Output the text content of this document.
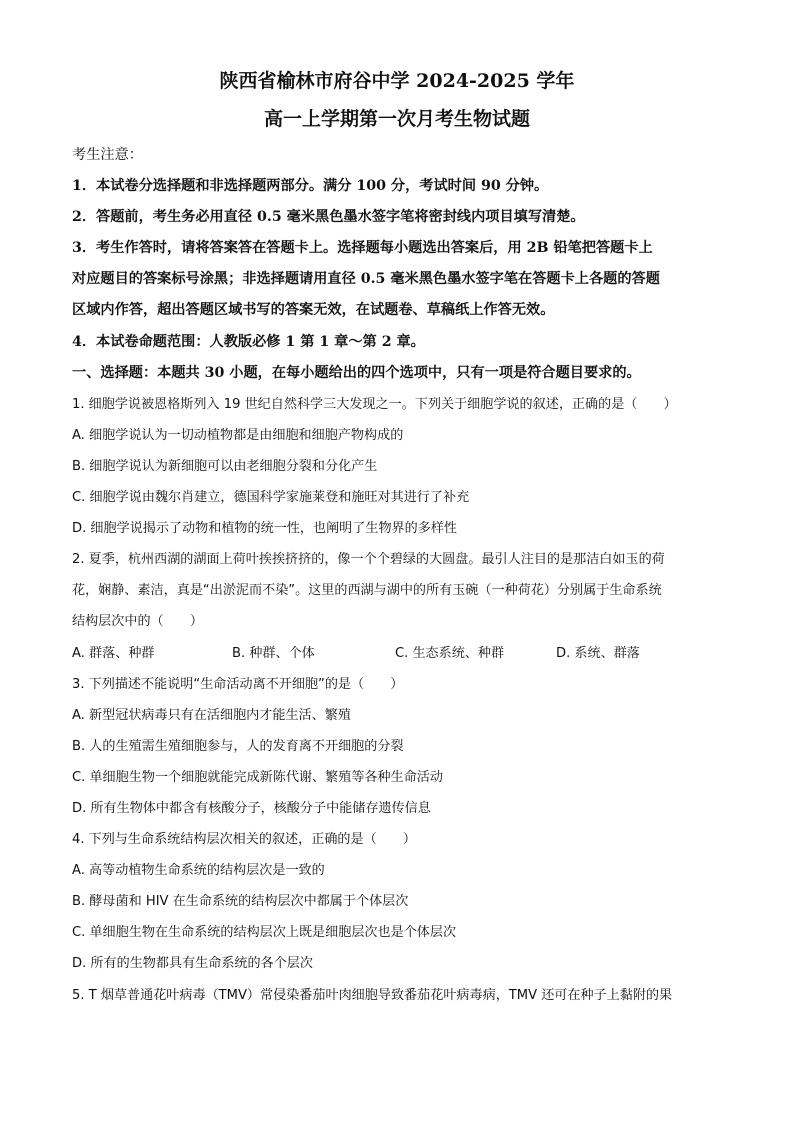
陕西省榆林市府谷中学 2024-2025 学年

高一上学期第一次月考生物试题

考生注意：

1．本试卷分选择题和非选择题两部分。满分 100 分，考试时间 90 分钟。

2．答题前，考生务必用直径 0.5 毫米黑色墨水签字笔将密封线内项目填写清楚。

3．考生作答时，请将答案答在答题卡上。选择题每小题选出答案后，用 2B 铅笔把答题卡上

对应题目的答案标号涂黑；非选择题请用直径 0.5 毫米黑色墨水签字笔在答题卡上各题的答题

区域内作答，超出答题区域书写的答案无效，在试题卷、草稿纸上作答无效。

4．本试卷命题范围：人教版必修 1 第 1 章～第 2 章。

一、选择题：本题共 30 小题，在每小题给出的四个选项中，只有一项是符合题目要求的。

1. 细胞学说被恩格斯列入 19 世纪自然科学三大发现之一。下列关于细胞学说的叙述，正确的是（　　）

A. 细胞学说认为一切动植物都是由细胞和细胞产物构成的

B. 细胞学说认为新细胞可以由老细胞分裂和分化产生

C. 细胞学说由魏尔肖建立，德国科学家施莱登和施旺对其进行了补充

D. 细胞学说揭示了动物和植物的统一性，也阐明了生物界的多样性

2. 夏季，杭州西湖的湖面上荷叶挨挨挤挤的，像一个个碧绿的大圆盘。最引人注目的是那洁白如玉的荷

花，娴静、素洁，真是“出淤泥而不染”。这里的西湖与湖中的所有玉碗（一种荷花）分别属于生命系统

结构层次中的（　　）

A. 群落、种群	B. 种群、个体	C. 生态系统、种群	D. 系统、群落

3. 下列描述不能说明“生命活动离不开细胞”的是（　　）

A. 新型冠状病毒只有在活细胞内才能生活、繁殖

B. 人的生殖需生殖细胞参与，人的发育离不开细胞的分裂

C. 单细胞生物一个细胞就能完成新陈代谢、繁殖等各种生命活动

D. 所有生物体中都含有核酸分子，核酸分子中能储存遗传信息

4. 下列与生命系统结构层次相关的叙述，正确的是（　　）

A. 高等动植物生命系统的结构层次是一致的

B. 酵母菌和 HIV 在生命系统的结构层次中都属于个体层次

C. 单细胞生物在生命系统的结构层次上既是细胞层次也是个体层次

D. 所有的生物都具有生命系统的各个层次

5. T 烟草普通花叶病毒（TMV）常侵染番茄叶肉细胞导致番茄花叶病毒病，TMV 还可在种子上黏附的果
